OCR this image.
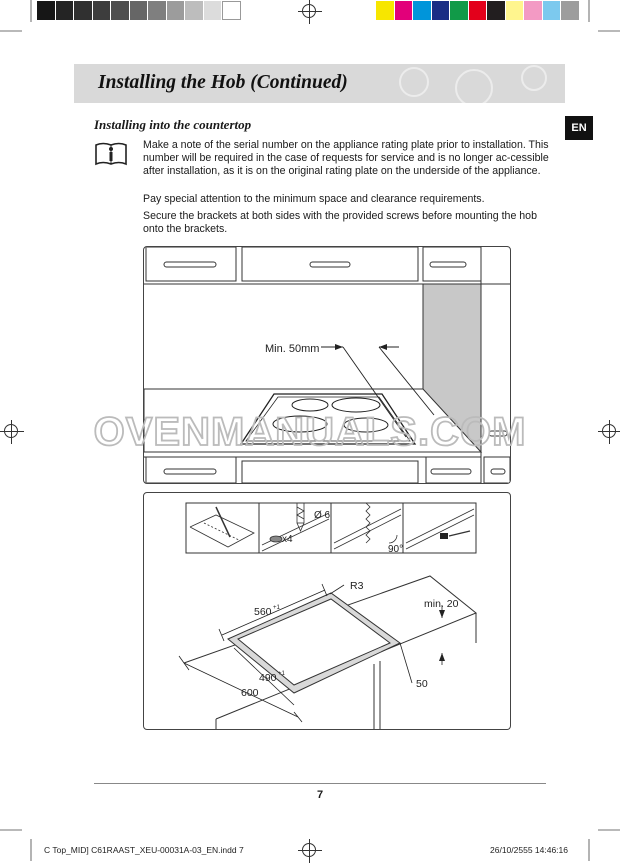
Installing the Hob (Continued)
Installing into the countertop	EN
Make a note of the serial number on the appliance rating plate prior to installation. This number will be required in the case of requests for service and is no longer ac-cessible after installation, as it is on the original rating plate on the underside of the appliance.
Pay special attention to the minimum space and clearance requirements.
Secure the brackets at both sides with the provided screws before mounting the hob onto the brackets.
Min. 50mm
OVENMANUALS.COM
Ø 6
x4
90°
R3
min. 20
560
490
600
50
+1
+1
7
C Top_MID] C61RAAST_XEU-00031A-03_EN.indd 7	26/10/2555 14:46:16
